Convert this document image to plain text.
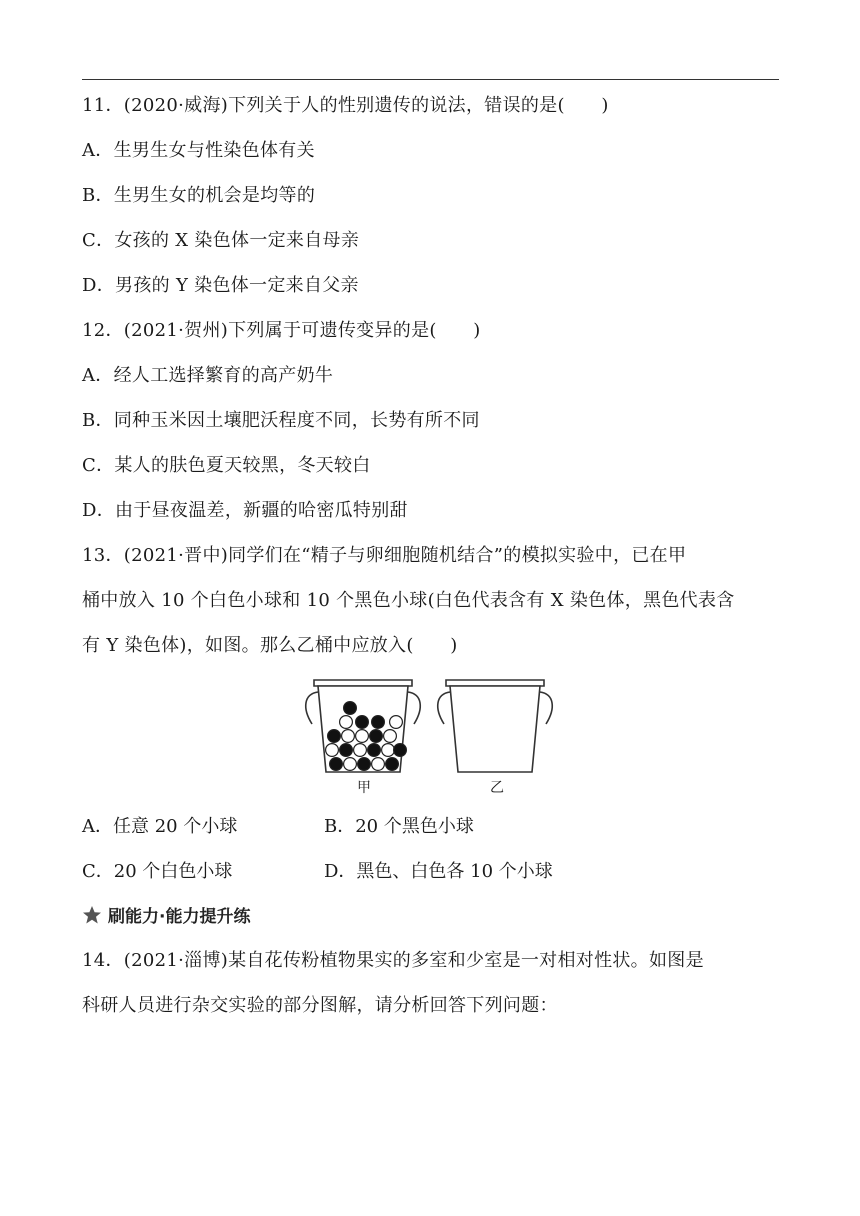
11．(2020·威海)下列关于人的性别遗传的说法，错误的是(　　)
A．生男生女与性染色体有关
B．生男生女的机会是均等的
C．女孩的 X 染色体一定来自母亲
D．男孩的 Y 染色体一定来自父亲
12．(2021·贺州)下列属于可遗传变异的是(　　)
A．经人工选择繁育的高产奶牛
B．同种玉米因土壤肥沃程度不同，长势有所不同
C．某人的肤色夏天较黑，冬天较白
D．由于昼夜温差，新疆的哈密瓜特别甜
13．(2021·晋中)同学们在“精子与卵细胞随机结合”的模拟实验中，已在甲
桶中放入 10 个白色小球和 10 个黑色小球(白色代表含有 X 染色体，黑色代表含
有 Y 染色体)，如图。那么乙桶中应放入(　　)
甲	乙
A．任意 20 个小球	B．20 个黑色小球
C．20 个白色小球	D．黑色、白色各 10 个小球
刷能力·能力提升练
14．(2021·淄博)某自花传粉植物果实的多室和少室是一对相对性状。如图是
科研人员进行杂交实验的部分图解，请分析回答下列问题：
